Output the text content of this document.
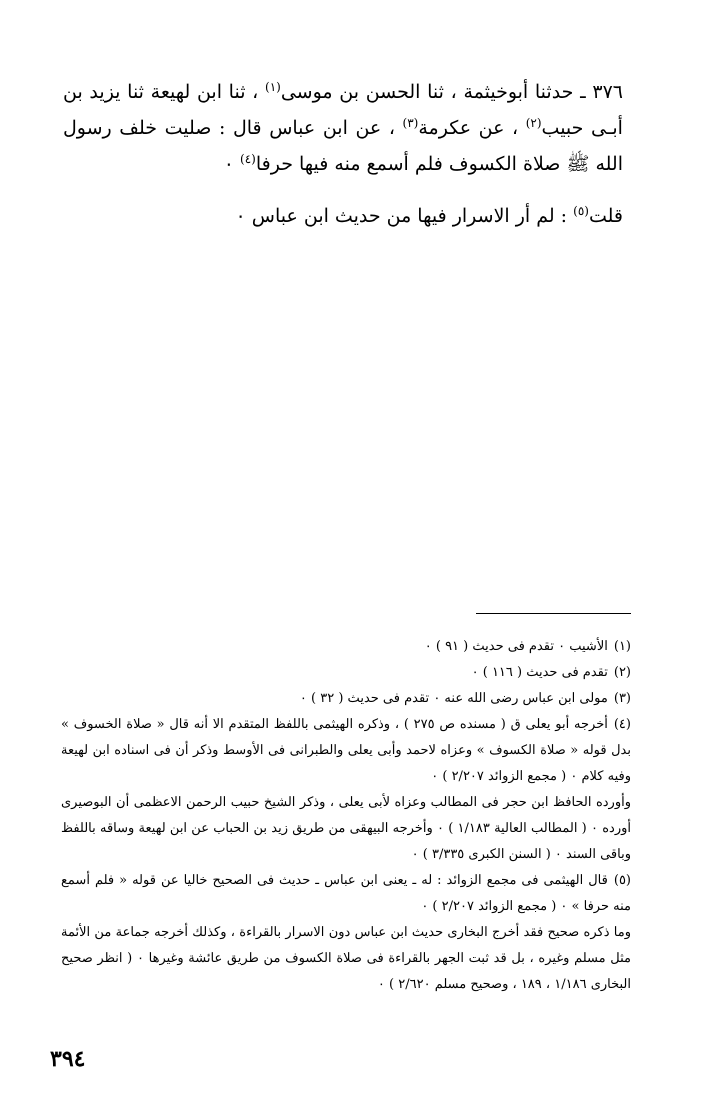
٣٧٦ ـ حدثنا أبوخيثمة ، ثنا الحسن بن موسى$^{(١)}$ ، ثنا ابن لهيعة ثنا يزيد بن أبـى حبيب$^{(٢)}$ ، عن عكرمة$^{(٣)}$ ، عن ابن عباس قال : صليت خلف رسول الله ﷺ صلاة الكسوف فلم أسمع منه فيها حرفا$^{(٤)}$ ٠

قلت$^{(٥)}$ : لم أر الاسرار فيها من حديث ابن عباس ٠

(١)الأشيب ٠ تقدم فى حديث ( ٩١ ) ٠

(٢)تقدم فى حديث ( ١١٦ ) ٠

(٣)مولى ابن عباس رضى الله عنه ٠ تقدم فى حديث ( ٣٢ ) ٠

(٤)أخرجه أبو يعلى ق ( مسنده ص ٢٧٥ ) ، وذكره الهيثمى باللفظ المتقدم الا أنه قال « صلاة الخسوف » بدل قوله « صلاة الكسوف » وعزاه لاحمد وأبى يعلى والطبرانى فى الأوسط وذكر أن فى اسناده ابن لهيعة وفيه كلام ٠ ( مجمع الزوائد ٢/٢٠٧ ) ٠

وأورده الحافظ ابن حجر فى المطالب وعزاه لأبى يعلى ، وذكر الشيخ حبيب الرحمن الاعظمى أن البوصيرى أورده ٠ ( المطالب العالية ١/١٨٣ ) ٠ وأخرجه البيهقى من طريق زيد بن الحباب عن ابن لهيعة وساقه باللفظ وباقى السند ٠ ( السنن الكبرى ٣/٣٣٥ ) ٠

(٥)قال الهيثمى فى مجمع الزوائد : له ـ يعنى ابن عباس ـ حديث فى الصحيح خاليا عن قوله « فلم أسمع منه حرفا » ٠ ( مجمع الزوائد ٢/٢٠٧ ) ٠

وما ذكره صحيح فقد أخرج البخارى حديث ابن عباس دون الاسرار بالقراءة ، وكذلك أخرجه جماعة من الأئمة مثل مسلم وغيره ، بل قد ثبت الجهر بالقراءة فى صلاة الكسوف من طريق عائشة وغيرها ٠ ( انظر صحيح البخارى ١/١٨٦ ، ١٨٩ ، وصحيح مسلم ٢/٦٢٠ ) ٠

٣٩٤
